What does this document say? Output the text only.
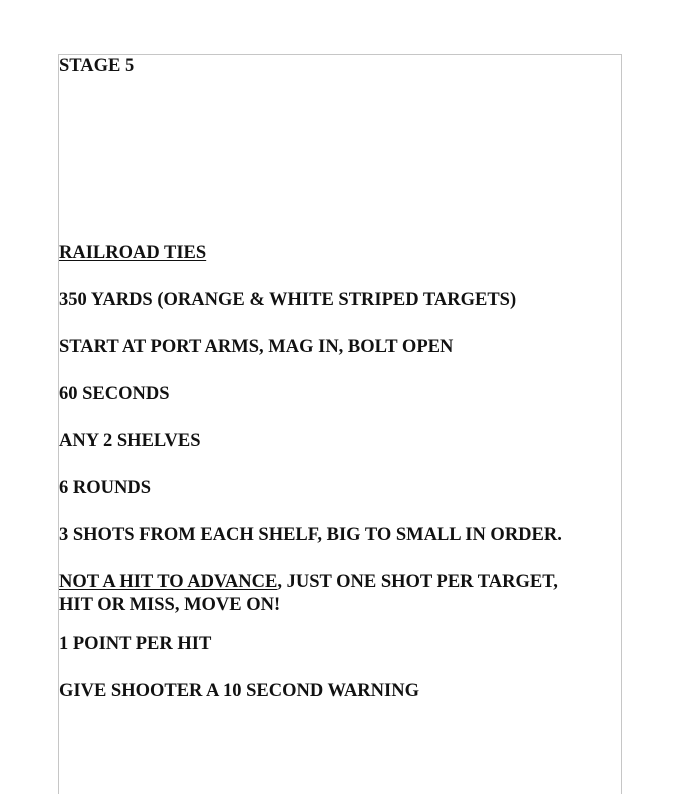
STAGE 5

RAILROAD TIES

350 YARDS (ORANGE & WHITE STRIPED TARGETS)

START AT PORT ARMS, MAG IN, BOLT OPEN

60 SECONDS

ANY 2 SHELVES

6 ROUNDS

3 SHOTS FROM EACH SHELF, BIG TO SMALL IN ORDER.

NOT A HIT TO ADVANCE, JUST ONE SHOT PER TARGET,

HIT OR MISS, MOVE ON!

1 POINT PER HIT

GIVE SHOOTER A 10 SECOND WARNING
